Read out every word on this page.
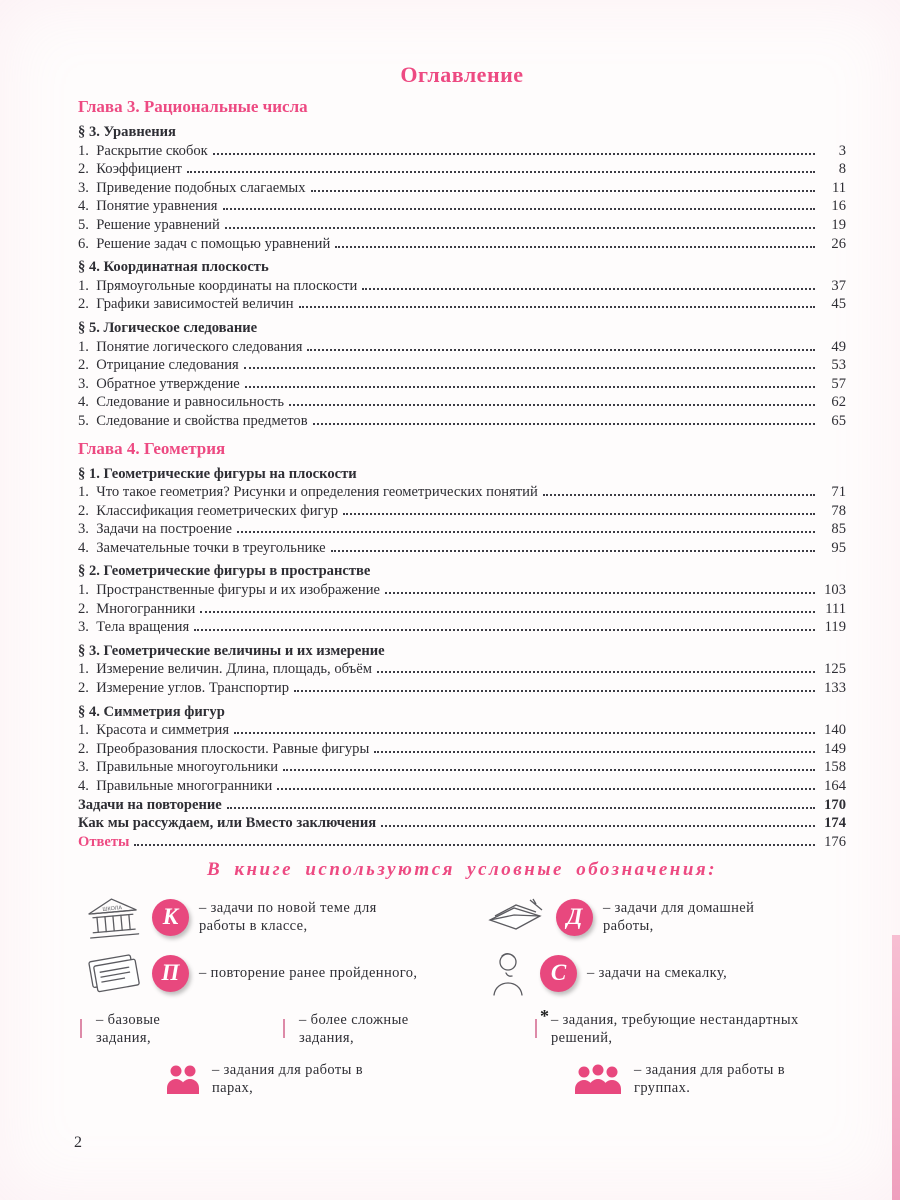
Оглавление
Глава 3. Рациональные числа
§ 3. Уравнения
1.  Раскрытие скобок	3
2.  Коэффициент	8
3.  Приведение подобных слагаемых	11
4.  Понятие уравнения	16
5.  Решение уравнений	19
6.  Решение задач с помощью уравнений	26
§ 4. Координатная плоскость
1.  Прямоугольные координаты на плоскости	37
2.  Графики зависимостей величин	45
§ 5. Логическое следование
1.  Понятие логического следования	49
2.  Отрицание следования	53
3.  Обратное утверждение	57
4.  Следование и равносильность	62
5.  Следование и свойства предметов	65
Глава 4. Геометрия
§ 1. Геометрические фигуры на плоскости
1.  Что такое геометрия? Рисунки и определения геометрических понятий	71
2.  Классификация геометрических фигур	78
3.  Задачи на построение	85
4.  Замечательные точки в треугольнике	95
§ 2. Геометрические фигуры в пространстве
1.  Пространственные фигуры и их изображение	103
2.  Многогранники	111
3.  Тела вращения	119
§ 3. Геометрические величины и их измерение
1.  Измерение величин. Длина, площадь, объём	125
2.  Измерение углов. Транспортир	133
§ 4. Симметрия фигур
1.  Красота и симметрия	140
2.  Преобразования плоскости. Равные фигуры	149
3.  Правильные многоугольники	158
4.  Правильные многогранники	164
Задачи на повторение	170
Как мы рассуждаем, или Вместо заключения	174
Ответы	176
В книге используются условные обозначения:
ШКОЛА	К	– задачи по новой теме для работы в классе,	Д	– задачи для домашней работы,
П	– повторение ранее пройденного,	С	– задачи на смекалку,
– базовые задания,
– более сложные задания,
* – задания, требующие нестандартных решений,
– задания для работы в парах,
– задания для работы в группах.
2
